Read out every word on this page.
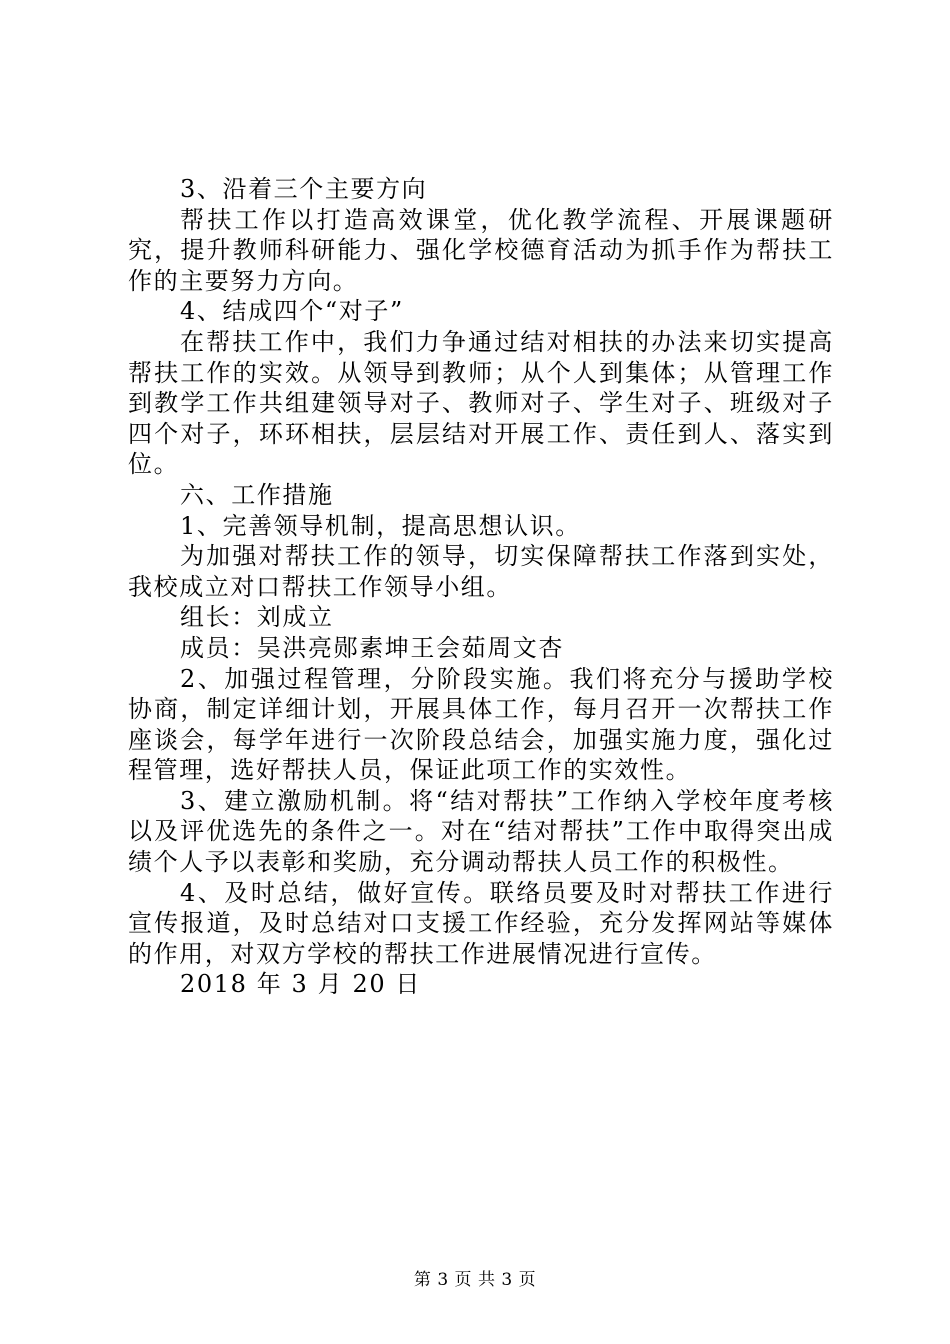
3、沿着三个主要方向

帮扶工作以打造高效课堂，优化教学流程、开展课题研究，提升教师科研能力、强化学校德育活动为抓手作为帮扶工作的主要努力方向。

4、结成四个“对子”

在帮扶工作中，我们力争通过结对相扶的办法来切实提高帮扶工作的实效。从领导到教师；从个人到集体；从管理工作到教学工作共组建领导对子、教师对子、学生对子、班级对子四个对子，环环相扶，层层结对开展工作、责任到人、落实到位。

六、工作措施

1、完善领导机制，提高思想认识。

为加强对帮扶工作的领导，切实保障帮扶工作落到实处，我校成立对口帮扶工作领导小组。

组长：刘成立

成员：吴洪亮郧素坤王会茹周文杏

2、加强过程管理，分阶段实施。我们将充分与援助学校协商，制定详细计划，开展具体工作，每月召开一次帮扶工作座谈会，每学年进行一次阶段总结会，加强实施力度，强化过程管理，选好帮扶人员，保证此项工作的实效性。

3、建立激励机制。将“结对帮扶”工作纳入学校年度考核以及评优选先的条件之一。对在“结对帮扶”工作中取得突出成绩个人予以表彰和奖励，充分调动帮扶人员工作的积极性。

4、及时总结，做好宣传。联络员要及时对帮扶工作进行宣传报道，及时总结对口支援工作经验，充分发挥网站等媒体的作用，对双方学校的帮扶工作进展情况进行宣传。

2018 年 3 月 20 日

第 3 页 共 3 页
